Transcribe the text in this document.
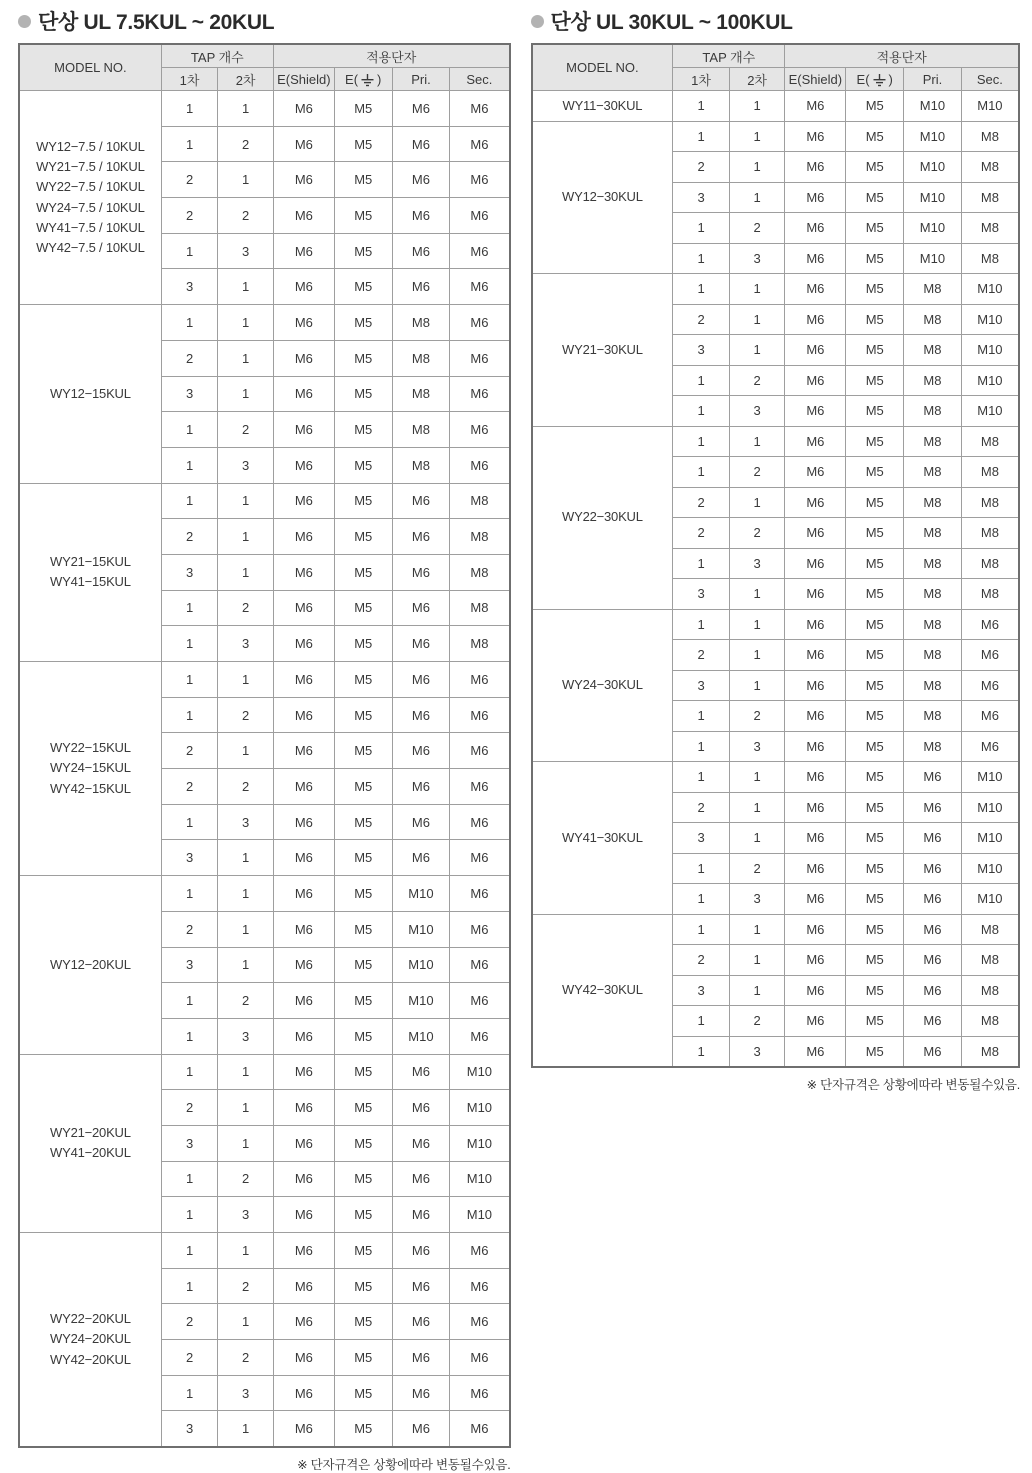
단상 UL 7.5KUL ~ 20KUL
MODEL NO.	TAP 개수		적용단자			
	1차	2차	E(Shield)	E( )	Pri.	Sec.

WY12−7.5 / 10KUL
WY21−7.5 / 10KUL
WY22−7.5 / 10KUL
WY24−7.5 / 10KUL
WY41−7.5 / 10KUL
WY42−7.5 / 10KUL
	1	1	M6	M5	M6	M6
	1	2	M6	M5	M6	M6
	2	1	M6	M5	M6	M6
	2	2	M6	M5	M6	M6
	1	3	M6	M5	M6	M6
	3	1	M6	M5	M6	M6

WY12−15KUL	1	1	M6	M5	M8	M6
	2	1	M6	M5	M8	M6
	3	1	M6	M5	M8	M6
	1	2	M6	M5	M8	M6
	1	3	M6	M5	M8	M6

WY21−15KUL
WY41−15KUL	1	1	M6	M5	M6	M8
	2	1	M6	M5	M6	M8
	3	1	M6	M5	M6	M8
	1	2	M6	M5	M6	M8
	1	3	M6	M5	M6	M8

WY22−15KUL
WY24−15KUL
WY42−15KUL	1	1	M6	M5	M6	M6
	1	2	M6	M5	M6	M6
	2	1	M6	M5	M6	M6
	2	2	M6	M5	M6	M6
	1	3	M6	M5	M6	M6
	3	1	M6	M5	M6	M6

WY12−20KUL	1	1	M6	M5	M10	M6
	2	1	M6	M5	M10	M6
	3	1	M6	M5	M10	M6
	1	2	M6	M5	M10	M6
	1	3	M6	M5	M10	M6

WY21−20KUL
WY41−20KUL	1	1	M6	M5	M6	M10
	2	1	M6	M5	M6	M10
	3	1	M6	M5	M6	M10
	1	2	M6	M5	M6	M10
	1	3	M6	M5	M6	M10

WY22−20KUL
WY24−20KUL
WY42−20KUL	1	1	M6	M5	M6	M6
	1	2	M6	M5	M6	M6
	2	1	M6	M5	M6	M6
	2	2	M6	M5	M6	M6
	1	3	M6	M5	M6	M6
	3	1	M6	M5	M6	M6
※ 단자규격은 상황에따라 변동될수있음.
단상 UL 30KUL ~ 100KUL
MODEL NO.	TAP 개수		적용단자			
	1차	2차	E(Shield)	E( )	Pri.	Sec.

WY11−30KUL	1	1	M6	M5	M10	M10

WY12−30KUL	1	1	M6	M5	M10	M8
	2	1	M6	M5	M10	M8
	3	1	M6	M5	M10	M8
	1	2	M6	M5	M10	M8
	1	3	M6	M5	M10	M8

WY21−30KUL	1	1	M6	M5	M8	M10
	2	1	M6	M5	M8	M10
	3	1	M6	M5	M8	M10
	1	2	M6	M5	M8	M10
	1	3	M6	M5	M8	M10

WY22−30KUL	1	1	M6	M5	M8	M8
	1	2	M6	M5	M8	M8
	2	1	M6	M5	M8	M8
	2	2	M6	M5	M8	M8
	1	3	M6	M5	M8	M8
	3	1	M6	M5	M8	M8

WY24−30KUL	1	1	M6	M5	M8	M6
	2	1	M6	M5	M8	M6
	3	1	M6	M5	M8	M6
	1	2	M6	M5	M8	M6
	1	3	M6	M5	M8	M6

WY41−30KUL	1	1	M6	M5	M6	M10
	2	1	M6	M5	M6	M10
	3	1	M6	M5	M6	M10
	1	2	M6	M5	M6	M10
	1	3	M6	M5	M6	M10

WY42−30KUL	1	1	M6	M5	M6	M8
	2	1	M6	M5	M6	M8
	3	1	M6	M5	M6	M8
	1	2	M6	M5	M6	M8
	1	3	M6	M5	M6	M8
※ 단자규격은 상황에따라 변동될수있음.
